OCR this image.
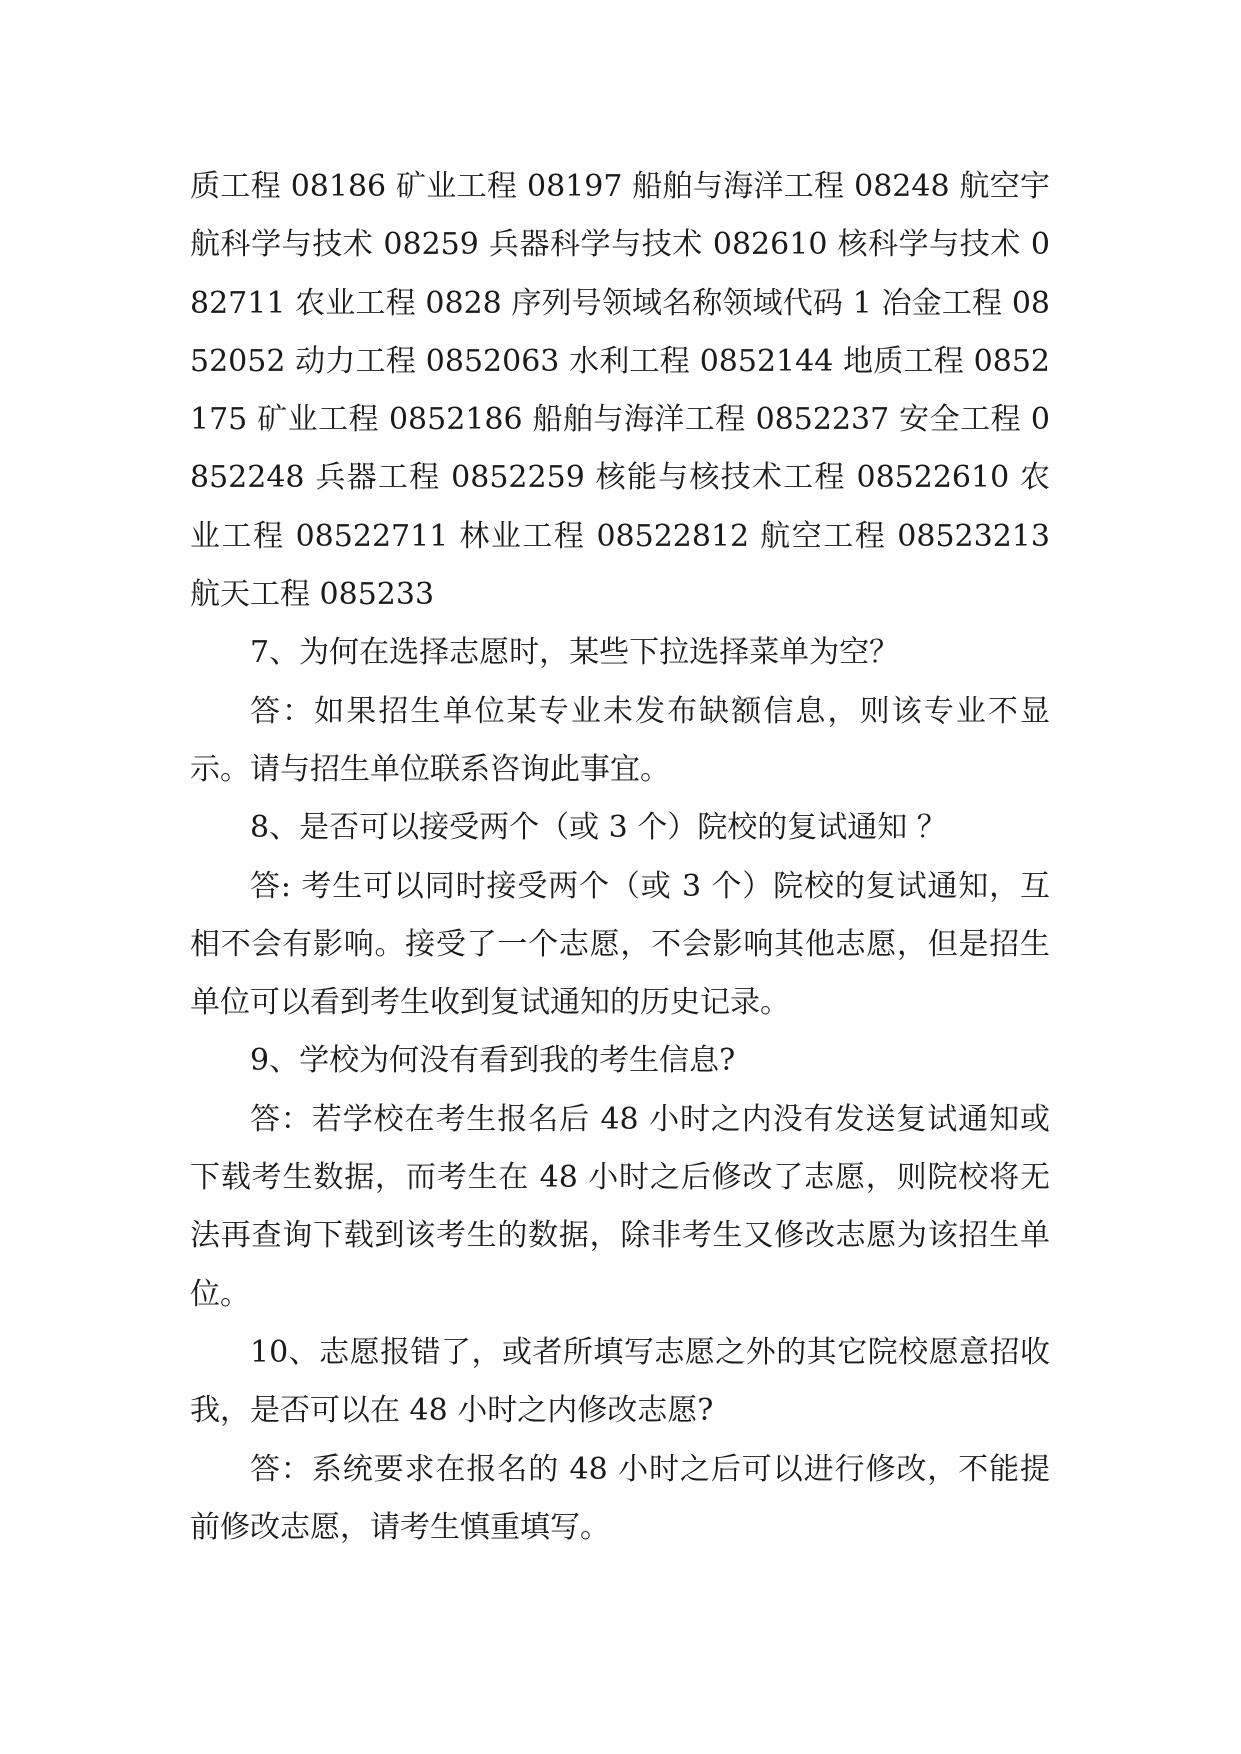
质工程 08186 矿业工程 08197 船舶与海洋工程 08248 航空宇航科学与技术 08259 兵器科学与技术 082610 核科学与技术 082711 农业工程 0828 序列号领域名称领域代码 1 冶金工程 0852052 动力工程 0852063 水利工程 0852144 地质工程 0852175 矿业工程 0852186 船舶与海洋工程 0852237 安全工程 0852248 兵器工程 0852259 核能与核技术工程 08522610 农业工程 08522711 林业工程 08522812 航空工程 08523213 航天工程 085233

7、为何在选择志愿时，某些下拉选择菜单为空？

答：如果招生单位某专业未发布缺额信息，则该专业不显示。请与招生单位联系咨询此事宜。

8、是否可以接受两个（或 3 个）院校的复试通知 ？

答: 考生可以同时接受两个（或 3 个）院校的复试通知，互相不会有影响。接受了一个志愿，不会影响其他志愿，但是招生单位可以看到考生收到复试通知的历史记录。

9、学校为何没有看到我的考生信息?

答：若学校在考生报名后 48 小时之内没有发送复试通知或下载考生数据，而考生在 48 小时之后修改了志愿，则院校将无法再查询下载到该考生的数据，除非考生又修改志愿为该招生单位。

10、志愿报错了，或者所填写志愿之外的其它院校愿意招收我，是否可以在 48 小时之内修改志愿?

答：系统要求在报名的 48 小时之后可以进行修改，不能提前修改志愿，请考生慎重填写。
